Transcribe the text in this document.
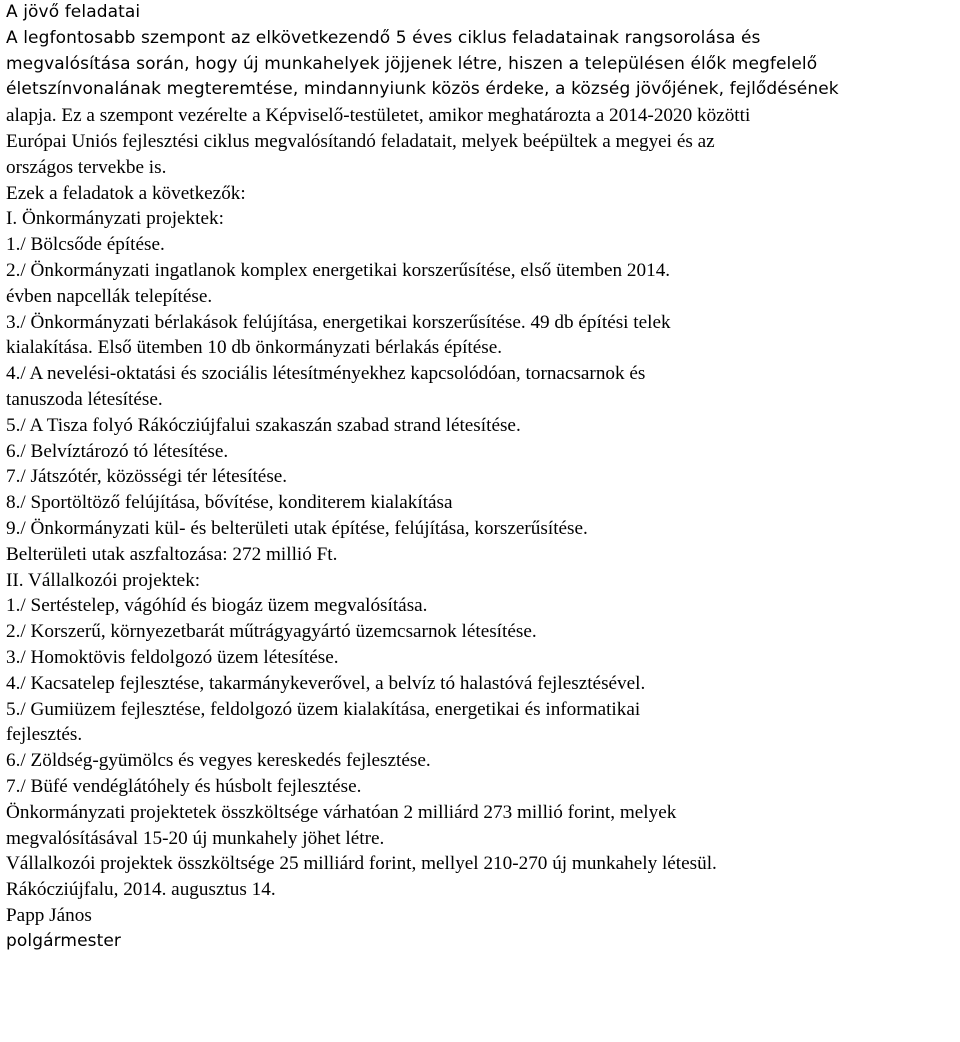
A jövő feladatai
A legfontosabb szempont az elkövetkezendő 5 éves ciklus feladatainak rangsorolása és
megvalósítása során, hogy új munkahelyek jöjjenek létre, hiszen a településen élők megfelelő
életszínvonalának megteremtése, mindannyiunk közös érdeke, a község jövőjének, fejlődésének
alapja. Ez a szempont vezérelte a Képviselő-testületet, amikor meghatározta a 2014-2020 közötti
Európai Uniós fejlesztési ciklus megvalósítandó feladatait, melyek beépültek a megyei és az
országos tervekbe is.
Ezek a feladatok a következők:
I. Önkormányzati projektek:
1./ Bölcsőde építése.
2./ Önkormányzati ingatlanok komplex energetikai korszerűsítése, első ütemben 2014.
évben napcellák telepítése.
3./ Önkormányzati bérlakások felújítása, energetikai korszerűsítése. 49 db építési telek
kialakítása. Első ütemben 10 db önkormányzati bérlakás építése.
4./ A nevelési-oktatási és szociális létesítményekhez kapcsolódóan, tornacsarnok és
tanuszoda létesítése.
5./ A Tisza folyó Rákócziújfalui szakaszán szabad strand létesítése.
6./ Belvíztározó tó létesítése.
7./ Játszótér, közösségi tér létesítése.
8./ Sportöltöző felújítása, bővítése, konditerem kialakítása
9./ Önkormányzati kül- és belterületi utak építése, felújítása, korszerűsítése.
Belterületi utak aszfaltozása: 272 millió Ft.
II. Vállalkozói projektek:
1./ Sertéstelep, vágóhíd és biogáz üzem megvalósítása.
2./ Korszerű, környezetbarát műtrágyagyártó üzemcsarnok létesítése.
3./ Homoktövis feldolgozó üzem létesítése.
4./ Kacsatelep fejlesztése, takarmánykeverővel, a belvíz tó halastóvá fejlesztésével.
5./ Gumiüzem fejlesztése, feldolgozó üzem kialakítása, energetikai és informatikai
fejlesztés.
6./ Zöldség-gyümölcs és vegyes kereskedés fejlesztése.
7./ Büfé vendéglátóhely és húsbolt fejlesztése.
Önkormányzati projektetek összköltsége várhatóan 2 milliárd 273 millió forint, melyek
megvalósításával 15-20 új munkahely jöhet létre.
Vállalkozói projektek összköltsége 25 milliárd forint, mellyel 210-270 új munkahely létesül.
Rákócziújfalu, 2014. augusztus 14.
Papp János
polgármester
